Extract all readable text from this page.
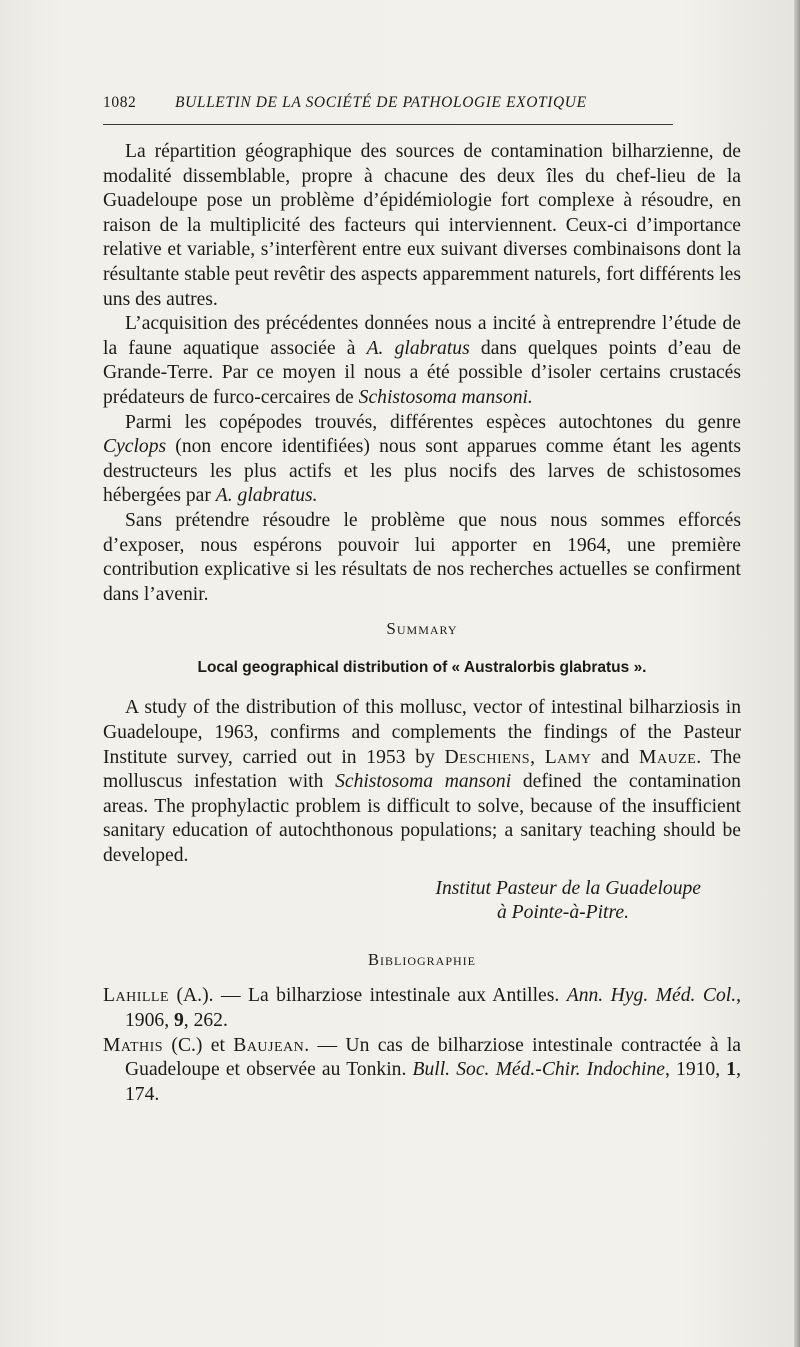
1082 BULLETIN DE LA SOCIÉTÉ DE PATHOLOGIE EXOTIQUE

La répartition géographique des sources de contamination bilharzienne, de modalité dissemblable, propre à chacune des deux îles du chef-lieu de la Guadeloupe pose un problème d’épidémiologie fort complexe à résoudre, en raison de la multiplicité des facteurs qui interviennent. Ceux-ci d’importance relative et variable, s’interfèrent entre eux suivant diverses combinaisons dont la résultante stable peut revêtir des aspects apparemment naturels, fort différents les uns des autres.

L’acquisition des précédentes données nous a incité à entreprendre l’étude de la faune aquatique associée à A. glabratus dans quelques points d’eau de Grande-Terre. Par ce moyen il nous a été possible d’isoler certains crustacés prédateurs de furco-cercaires de Schistosoma mansoni.

Parmi les copépodes trouvés, différentes espèces autochtones du genre Cyclops (non encore identifiées) nous sont apparues comme étant les agents destructeurs les plus actifs et les plus nocifs des larves de schistosomes hébergées par A. glabratus.

Sans prétendre résoudre le problème que nous nous sommes efforcés d’exposer, nous espérons pouvoir lui apporter en 1964, une première contribution explicative si les résultats de nos recherches actuelles se confirment dans l’avenir.

Summary

Local geographical distribution of « Australorbis glabratus ».

A study of the distribution of this mollusc, vector of intestinal bilharziosis in Guadeloupe, 1963, confirms and complements the findings of the Pasteur Institute survey, carried out in 1953 by Deschiens, Lamy and Mauze. The molluscus infestation with Schistosoma mansoni defined the contamination areas. The prophylactic problem is difficult to solve, because of the insufficient sanitary education of autochthonous populations; a sanitary teaching should be developed.

Institut Pasteur de la Guadeloupe

à Pointe-à-Pitre.

Bibliographie

Lahille (A.). — La bilharziose intestinale aux Antilles. Ann. Hyg. Méd. Col., 1906, 9, 262.

Mathis (C.) et Baujean. — Un cas de bilharziose intestinale contractée à la Guadeloupe et observée au Tonkin. Bull. Soc. Méd.-Chir. Indochine, 1910, 1, 174.
